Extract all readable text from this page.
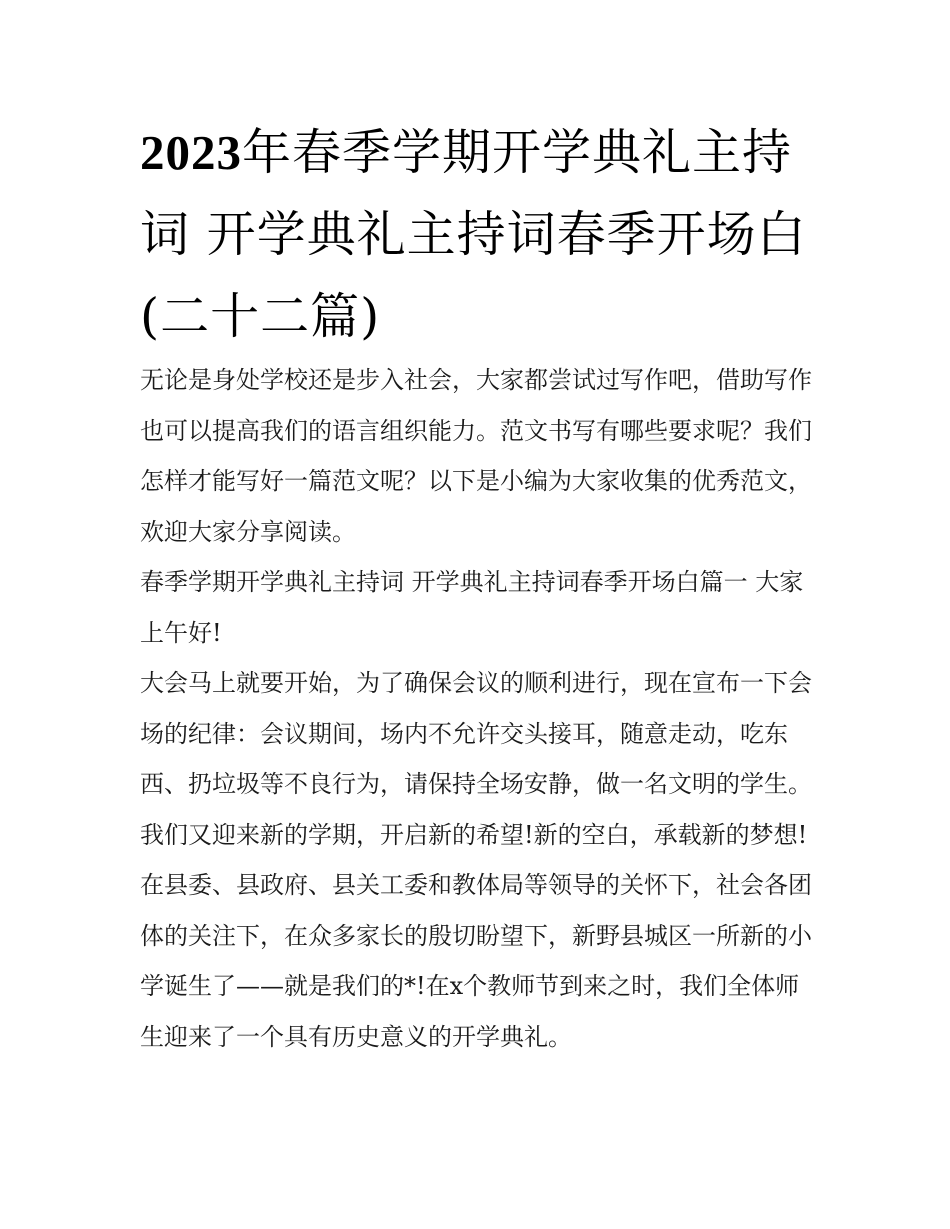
2023年春季学期开学典礼主持词 开学典礼主持词春季开场白(二十二篇)

无论是身处学校还是步入社会，大家都尝试过写作吧，借助写作也可以提高我们的语言组织能力。范文书写有哪些要求呢？我们怎样才能写好一篇范文呢？以下是小编为大家收集的优秀范文，欢迎大家分享阅读。

春季学期开学典礼主持词 开学典礼主持词春季开场白篇一 大家上午好!

大会马上就要开始，为了确保会议的顺利进行，现在宣布一下会场的纪律：会议期间，场内不允许交头接耳，随意走动，吃东西、扔垃圾等不良行为，请保持全场安静，做一名文明的学生。

我们又迎来新的学期，开启新的希望!新的空白，承载新的梦想!在县委、县政府、县关工委和教体局等领导的关怀下，社会各团体的关注下，在众多家长的殷切盼望下，新野县城区一所新的小学诞生了——就是我们的*!在x个教师节到来之时，我们全体师生迎来了一个具有历史意义的开学典礼。
